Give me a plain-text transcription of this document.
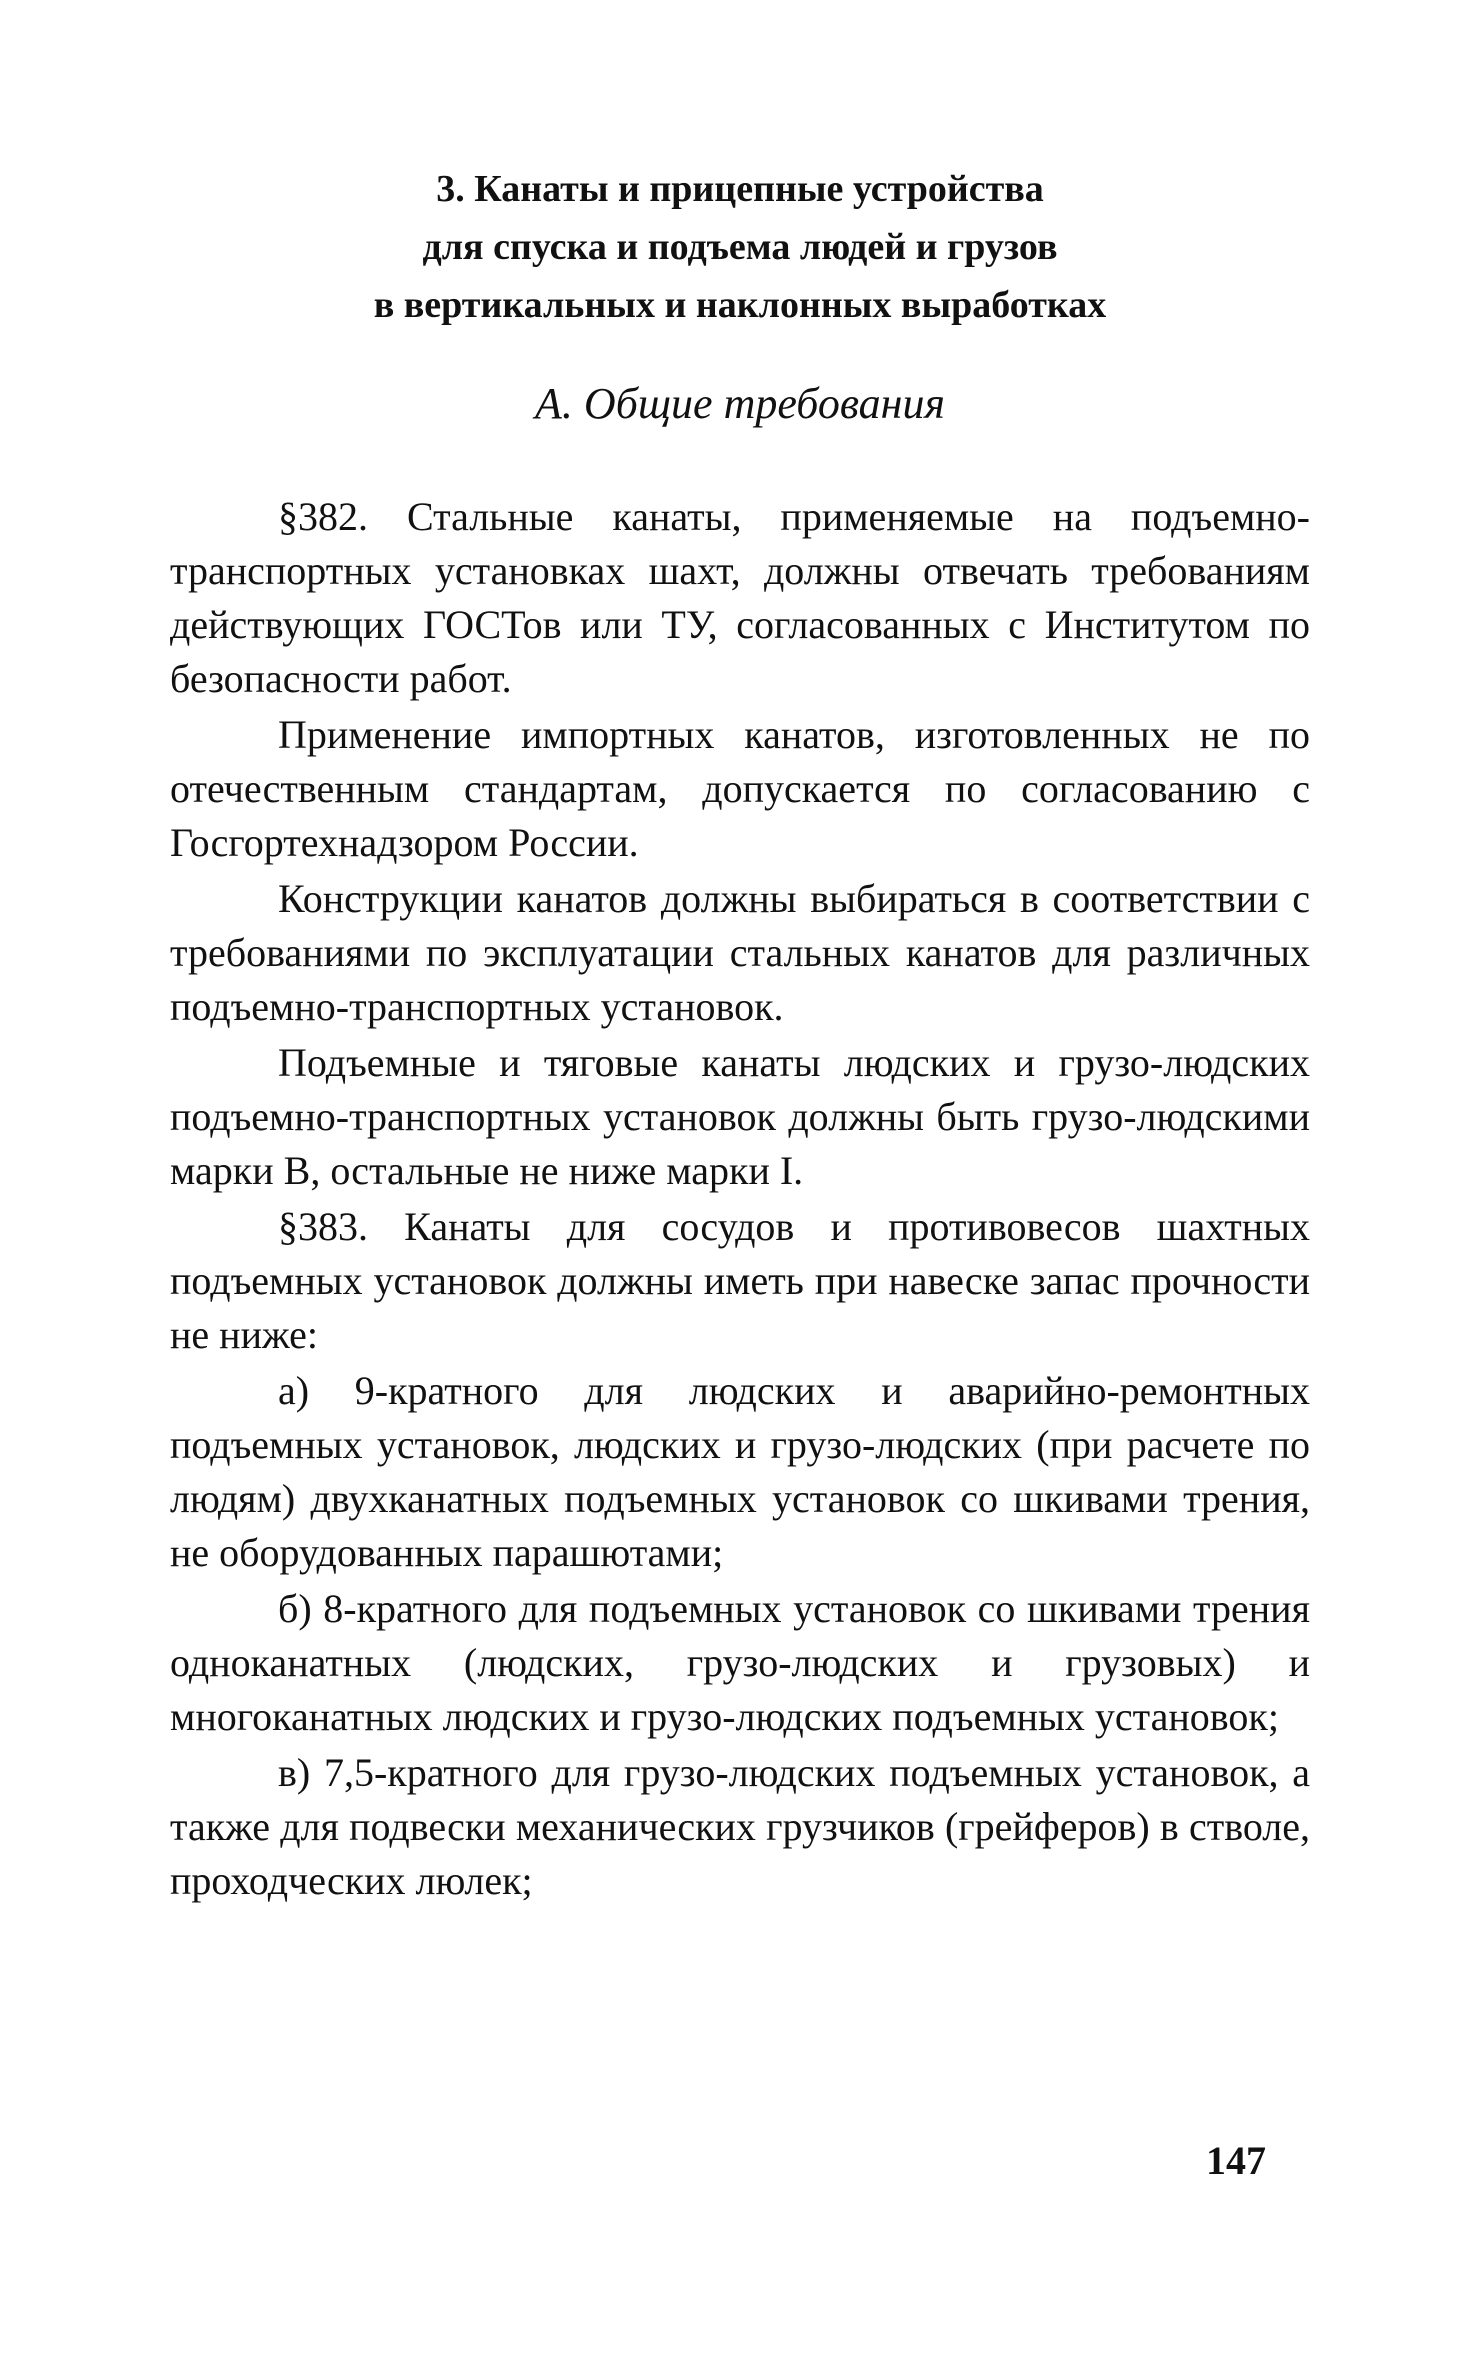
3. Канаты и прицепные устройства
для спуска и подъема людей и грузов
в вертикальных и наклонных выработках
А. Общие требования

§382. Стальные канаты, применяемые на подъемно-транспортных установках шахт, должны отвечать требованиям действующих ГОСТов или ТУ, согласованных с Институтом по безопасности работ.

Применение импортных канатов, изготовленных не по отечественным стандартам, допускается по согласованию с Госгортехнадзором России.

Конструкции канатов должны выбираться в соответствии с требованиями по эксплуатации стальных канатов для различных подъемно-транспортных установок.

Подъемные и тяговые канаты людских и грузо-людских подъемно-транспортных установок должны быть грузо-людскими марки В, остальные не ниже марки I.

§383. Канаты для сосудов и противовесов шахтных подъемных установок должны иметь при навеске запас прочности не ниже:

а) 9-кратного для людских и аварийно-ремонтных подъемных установок, людских и грузо-людских (при расчете по людям) двухканатных подъемных установок со шкивами трения, не оборудованных парашютами;

б) 8-кратного для подъемных установок со шкивами трения одноканатных (людских, грузо-людских и грузовых) и многоканатных людских и грузо-людских подъемных установок;

в) 7,5-кратного для грузо-людских подъемных установок, а также для подвески механических грузчиков (грейферов) в стволе, проходческих люлек;

147
